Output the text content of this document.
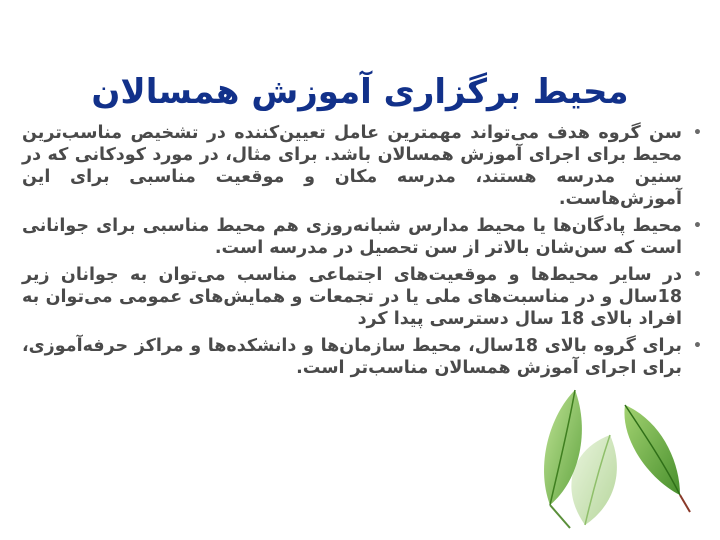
محیط برگزاری آموزش همسالان
•
سن گروه هدف می‌تواند مهمترین عامل تعیین‌کننده در تشخیص مناسب‌ترین محیط برای اجرای آموزش همسالان باشد. برای مثال، در مورد کودکانی که در سنین مدرسه هستند، مدرسه مکان و موقعیت مناسبی برای این آموزش‌هاست.
•
محیط پادگان‌ها یا محیط مدارس شبانه‌روزی هم محیط مناسبی برای جوانانی است که سن‌شان بالاتر از سن تحصیل در مدرسه است.
•
در سایر محیط‌ها و موقعیت‌های اجتماعی مناسب می‌توان به جوانان زیر 18سال و در مناسبت‌های ملی یا در تجمعات و همایش‌های عمومی می‌توان به افراد بالای 18 سال دسترسی پیدا کرد
•
برای گروه بالای 18سال، محیط سازمان‌ها و دانشکده‌ها و مراکز حرفه‌آموزی، برای اجرای آموزش همسالان مناسب‌تر است.
